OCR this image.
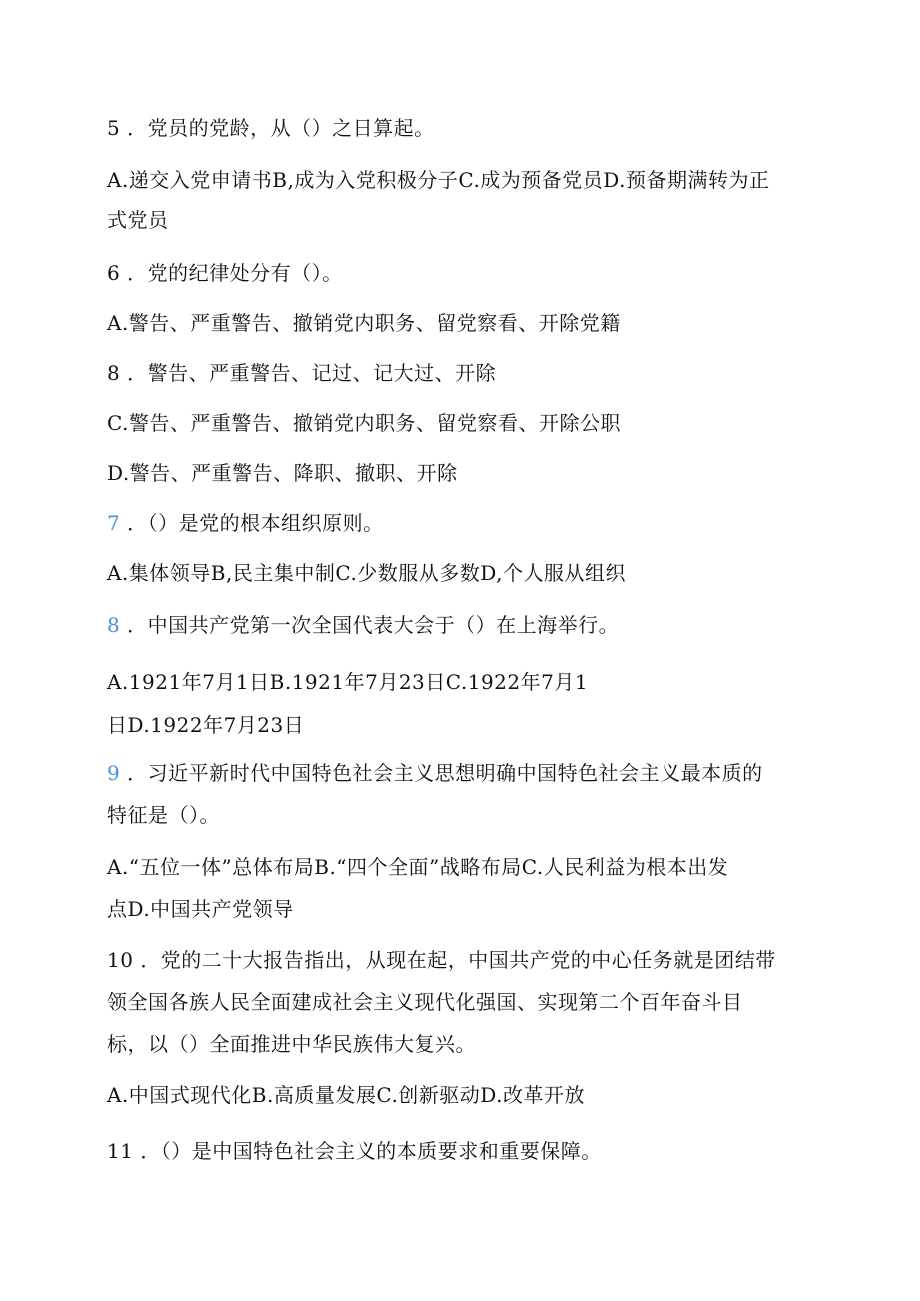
5 ．党员的党龄，从（）之日算起。
A.递交入党申请书B,成为入党积极分子C.成为预备党员D.预备期满转为正
式党员
6 ．党的纪律处分有（）。
A.警告、严重警告、撤销党内职务、留党察看、开除党籍
8 ．警告、严重警告、记过、记大过、开除
C.警告、严重警告、撤销党内职务、留党察看、开除公职
D.警告、严重警告、降职、撤职、开除
7 ．（）是党的根本组织原则。
A.集体领导B,民主集中制C.少数服从多数D,个人服从组织
8 ．中国共产党第一次全国代表大会于（）在上海举行。
A.1921年7月1日B.1921年7月23日C.1922年7月1
日D.1922年7月23日
9 ．习近平新时代中国特色社会主义思想明确中国特色社会主义最本质的
特征是（）。
A.“五位一体”总体布局B.“四个全面”战略布局C.人民利益为根本出发
点D.中国共产党领导
10 ．党的二十大报告指出，从现在起，中国共产党的中心任务就是团结带
领全国各族人民全面建成社会主义现代化强国、实现第二个百年奋斗目
标，以（）全面推进中华民族伟大复兴。
A.中国式现代化B.高质量发展C.创新驱动D.改革开放
11 ．（）是中国特色社会主义的本质要求和重要保障。
